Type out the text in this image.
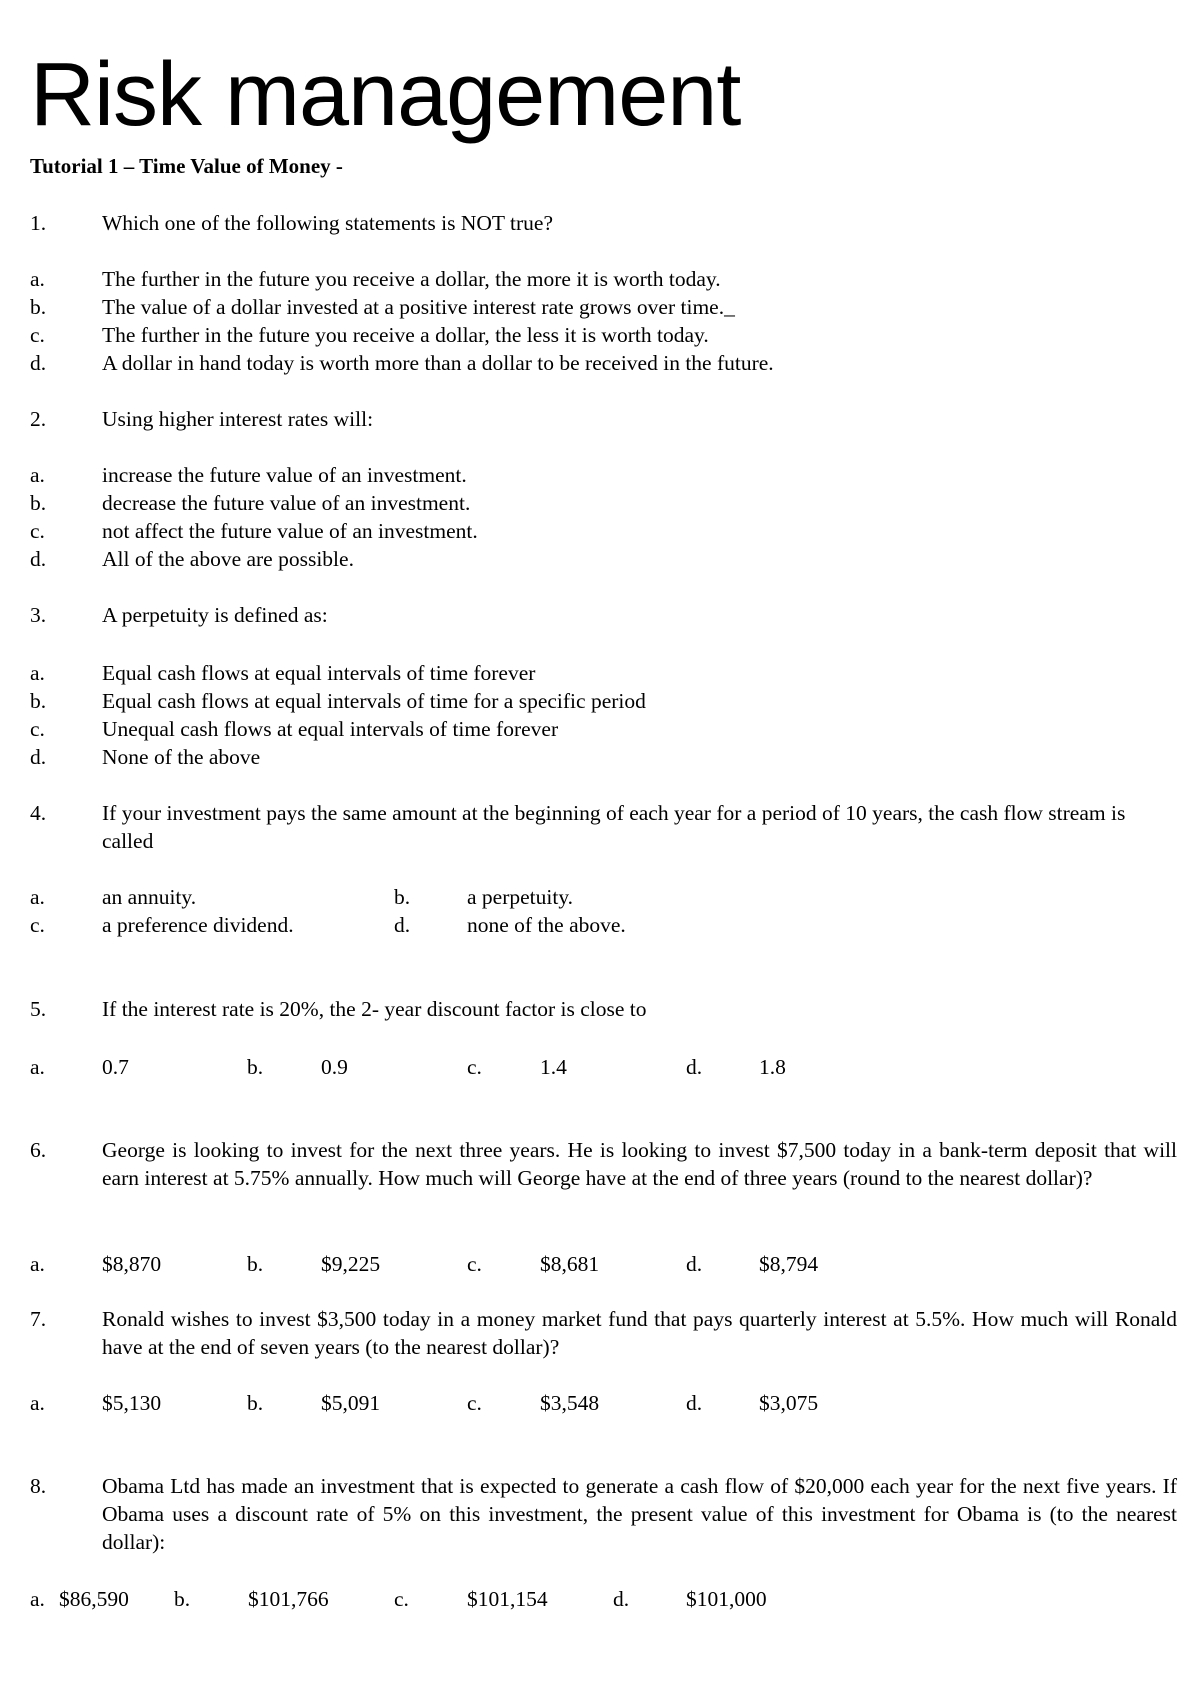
Risk management

Tutorial 1 – Time Value of Money -

1.	Which one of the following statements is NOT true?
a.	The further in the future you receive a dollar, the more it is worth today.
b.	The value of a dollar invested at a positive interest rate grows over time._
c.	The further in the future you receive a dollar, the less it is worth today.
d.	A dollar in hand today is worth more than a dollar to be received in the future.
2.	Using higher interest rates will:
a.	increase the future value of an investment.
b.	decrease the future value of an investment.
c.	not affect the future value of an investment.
d.	All of the above are possible.
3.	A perpetuity is defined as:
a.	Equal cash flows at equal intervals of time forever
b.	Equal cash flows at equal intervals of time for a specific period
c.	Unequal cash flows at equal intervals of time forever
d.	None of the above
4.	If your investment pays the same amount at the beginning of each year for a period of 10 years, the cash flow stream is called

a.	an annuity.	b.	a perpetuity.
c.	a preference dividend.	d.	none of the above.
5.	If the interest rate is 20%, the 2- year discount factor is close to
a.	0.7	b.	0.9	c.	1.4	d.	1.8
6.	George is looking to invest for the next three years. He is looking to invest $7,500 today in a bank-term deposit that will earn interest at 5.75% annually. How much will George have at the end of three years (round to the nearest dollar)?

a.	$8,870	b.	$9,225	c.	$8,681	d.	$8,794
7.	Ronald wishes to invest $3,500 today in a money market fund that pays quarterly interest at 5.5%. How much will Ronald have at the end of seven years (to the nearest dollar)?

a.	$5,130	b.	$5,091	c.	$3,548	d.	$3,075
8.	Obama Ltd has made an investment that is expected to generate a cash flow of $20,000 each year for the next five years. If Obama uses a discount rate of 5% on this investment, the present value of this investment for Obama is (to the nearest dollar):

a. $86,590 b.	$101,766	c.	$101,154	d.	$101,000
